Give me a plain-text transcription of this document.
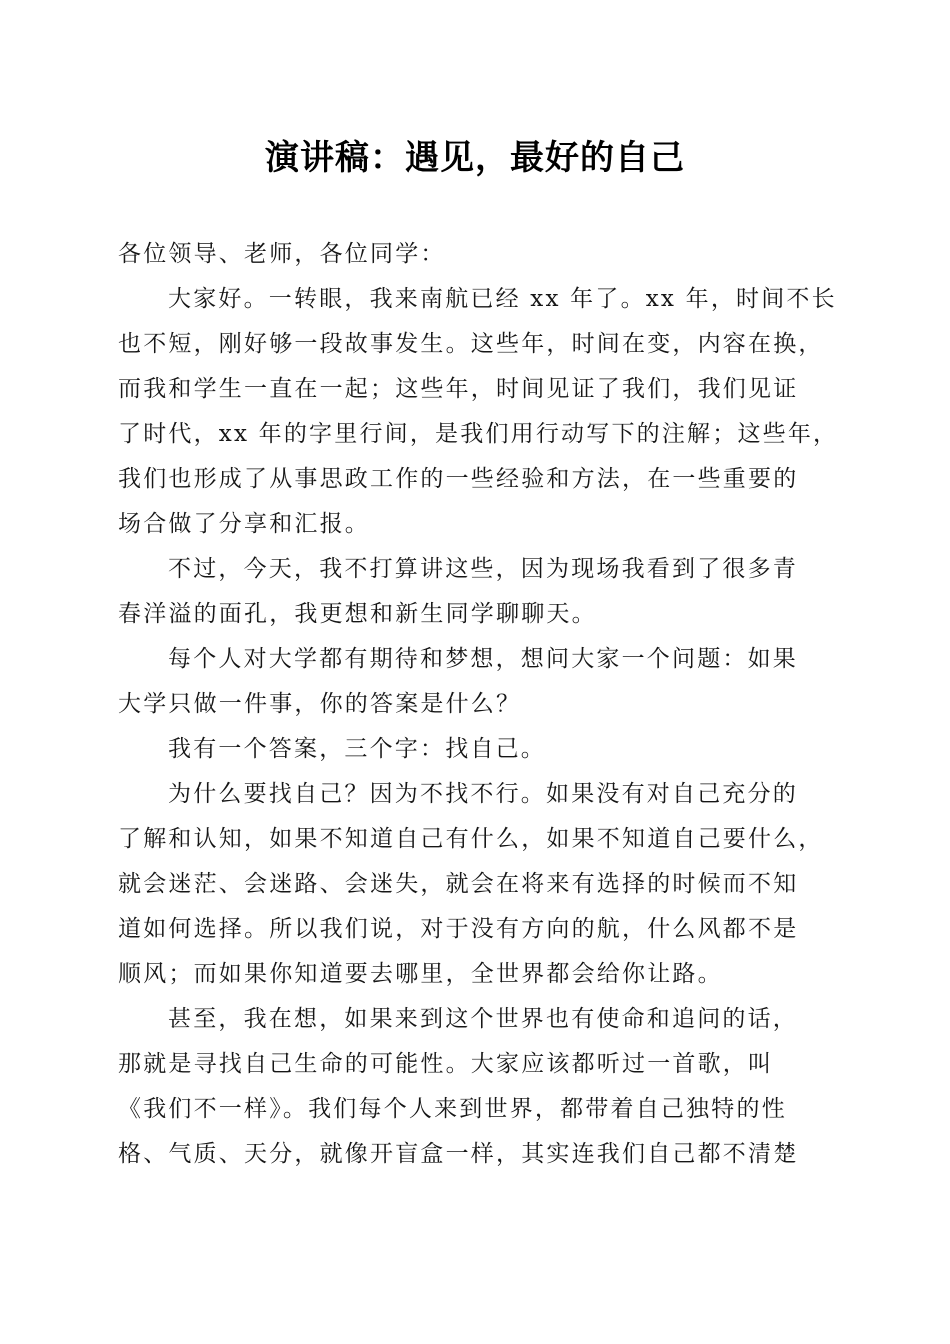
演讲稿：遇见，最好的自己
各位领导、老师，各位同学：
大家好。一转眼，我来南航已经 xx 年了。xx 年，时间不长
也不短，刚好够一段故事发生。这些年，时间在变，内容在换，
而我和学生一直在一起；这些年，时间见证了我们，我们见证
了时代，xx 年的字里行间，是我们用行动写下的注解；这些年，
我们也形成了从事思政工作的一些经验和方法，在一些重要的
场合做了分享和汇报。
不过，今天，我不打算讲这些，因为现场我看到了很多青
春洋溢的面孔，我更想和新生同学聊聊天。
每个人对大学都有期待和梦想，想问大家一个问题：如果
大学只做一件事，你的答案是什么？
我有一个答案，三个字：找自己。
为什么要找自己？因为不找不行。如果没有对自己充分的
了解和认知，如果不知道自己有什么，如果不知道自己要什么，
就会迷茫、会迷路、会迷失，就会在将来有选择的时候而不知
道如何选择。所以我们说，对于没有方向的航，什么风都不是
顺风；而如果你知道要去哪里，全世界都会给你让路。
甚至，我在想，如果来到这个世界也有使命和追问的话，
那就是寻找自己生命的可能性。大家应该都听过一首歌，叫
《我们不一样》。我们每个人来到世界，都带着自己独特的性
格、气质、天分，就像开盲盒一样，其实连我们自己都不清楚
